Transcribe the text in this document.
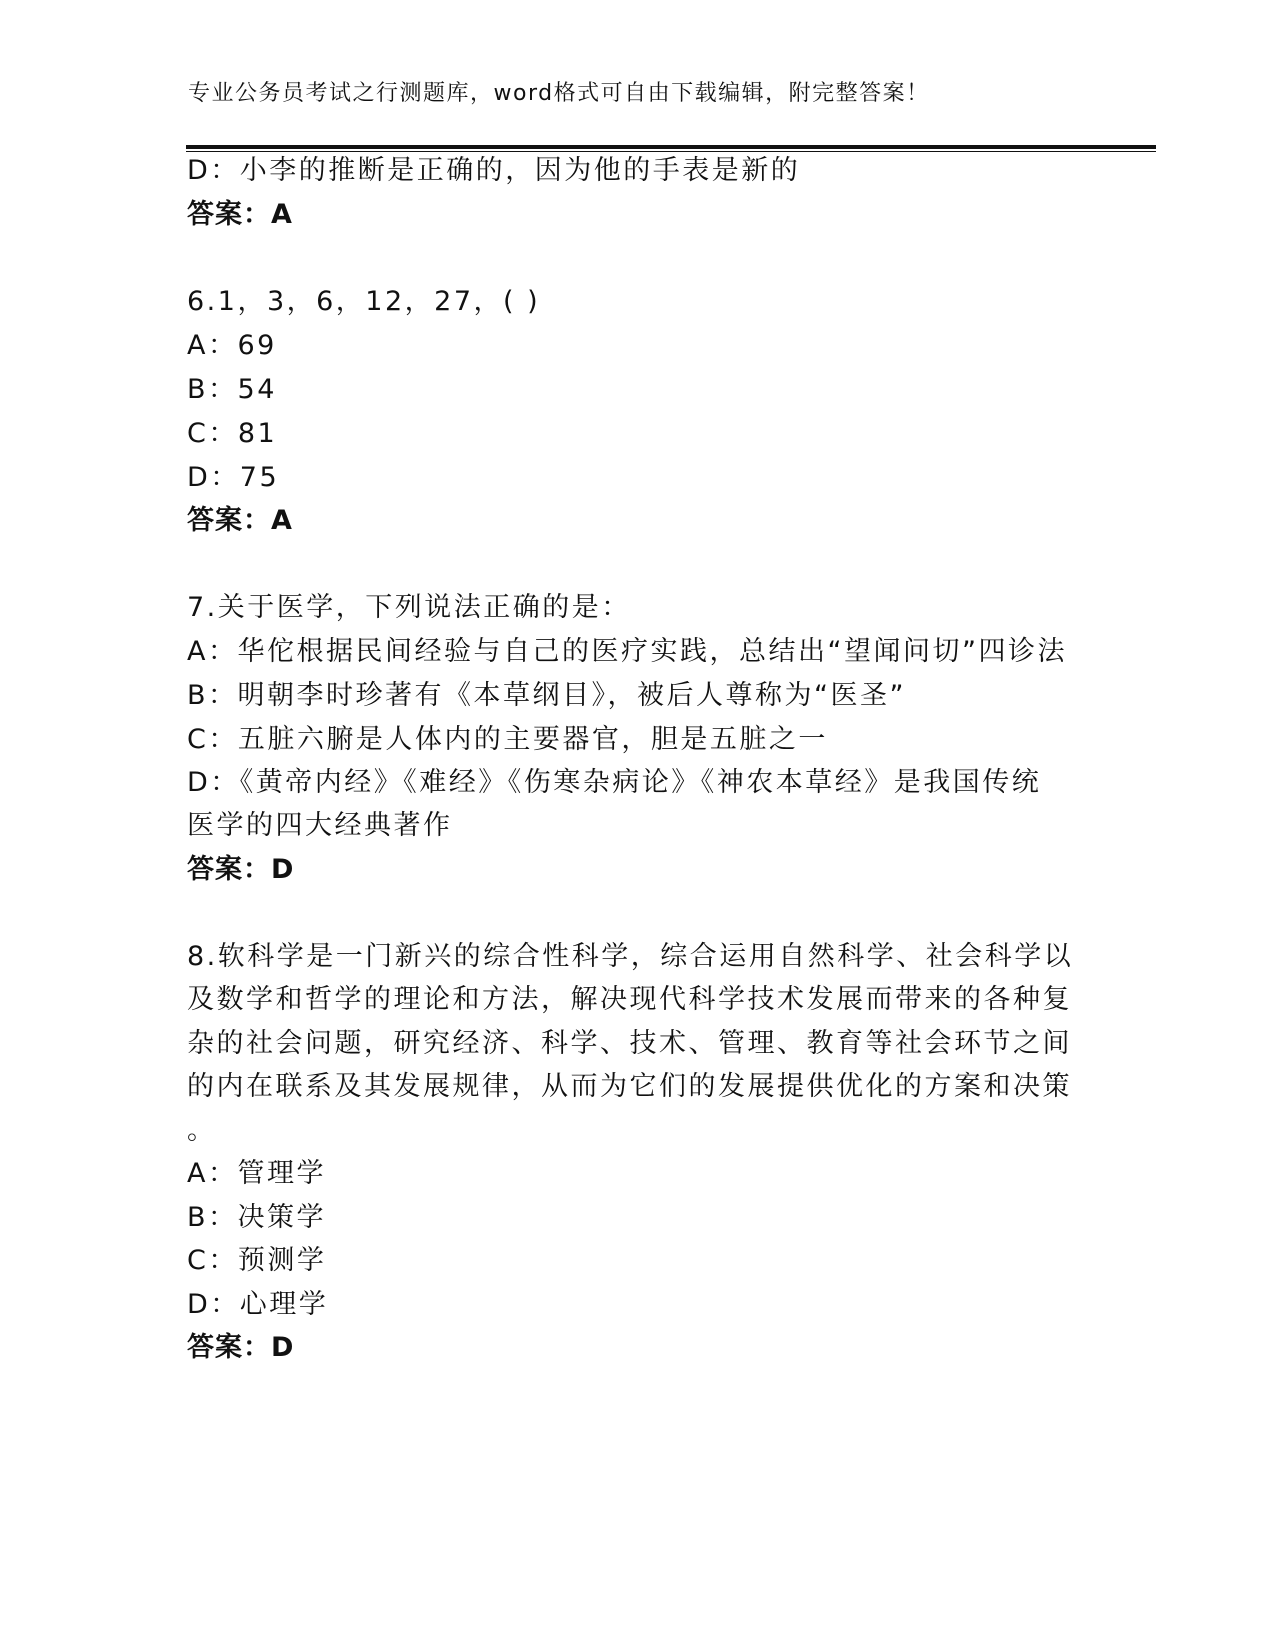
专业公务员考试之行测题库，word格式可自由下载编辑，附完整答案！
D：小李的推断是正确的，因为他的手表是新的
答案：A
6.1，3，6，12，27，( )
A：69
B：54
C：81
D：75
答案：A
7.关于医学，下列说法正确的是：
A：华佗根据民间经验与自己的医疗实践，总结出“望闻问切”四诊法
B：明朝李时珍著有《本草纲目》，被后人尊称为“医圣”
C：五脏六腑是人体内的主要器官，胆是五脏之一
D：《黄帝内经》《难经》《伤寒杂病论》《神农本草经》是我国传统
医学的四大经典著作
答案：D
8.软科学是一门新兴的综合性科学，综合运用自然科学、社会科学以
及数学和哲学的理论和方法，解决现代科学技术发展而带来的各种复
杂的社会问题，研究经济、科学、技术、管理、教育等社会环节之间
的内在联系及其发展规律，从而为它们的发展提供优化的方案和决策
。
A：管理学
B：决策学
C：预测学
D：心理学
答案：D
